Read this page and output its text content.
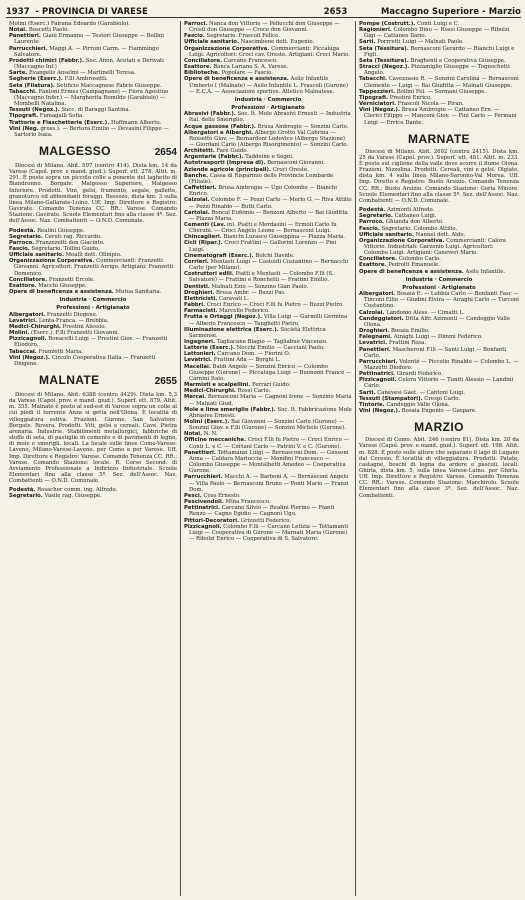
1937 - PROVINCIA DI VARESE	2653	Maccagno Superiore - Marzio

Molini (Eserc.) Fairana Edoardo (Garabiolo).

Notai. Boscetti Paolo.

Panettieri. Giani Ermanno — Testori Giuseppe — Bollini Laurento

Parrucchieri. Maggi A. — Pirroni Carm. — Fiammingo Salvatore.

Prodotti chimici (Fabbr.). Soc. Anon. Acetati e Derivati (Maccagno Inf.)

Sarte. Evangelis Anselmi — Martinelli Teresa.

Segherie (Eserc.). F.lli Ambrosetti.

Seta (Filatura). Setificio Maccagnese Fabris Giuseppe.

Tabacchi. Fantoni Ermes (Campagnano) — Fiora Agostino (Maccagno Infer.) — Margherita Romildo (Garabiolo) — Mombelli Natalina.

Tessuti (Negoz.). Succ. di Baraggi Santina.

Tipografi. Fumagalli Sofia.

Trattorie e Fiaschetterie (Eserc.). Hoffmann Alberto.

Vini (Neg. gross.). — Bertora Emilio — Devasini Filippo — Sartorio Isaia.

MALGESSO	2654

Diocesi di Milano. Abit. 597 (centro 414). Dista km. 14 da Varese (Capol. prov. e mand. giud.). Superf. ett. 278. Altit. m. 291. È posto sopra un piccolo colle a ponente del laghetto di Biandronno. Borgate. Malgesso Superiore, Malgesso Inferiore. Prodotti. Vini, gelsi, frumento, segale, gallette, granoturco ed abbondanti foraggi. Bessozo, dista km. 3 sulla linea Milano-Gallarate-Luino. Uff. Imp. Direttore e Registro: Gavirate. Comando Tenenza CC. RR.: Varese. Comando Stazione: Gavirate. Scuole Elementari fino alla classe 4ª. Sez. dell'Assoc. Naz. Combattenti — O.N.D. Comunale.

Podestà. Realini Giuseppe.

Segretario. Ceruti rag. Riccardo.

Parroco. Franzezetti don Giacinto.

Fascio. Segretario. Tollini Guido.

Ufficiale sanitario. Moalli dott. Olimpio.

Organizzazione Corporativa. Commercianti: Franzetti Giovanni. Agricoltori: Franzetti Arrigo. Artigiani: Franzetti Domenico.

Conciliatore. Franzetti Ercole.

Esattore. Macchi Giuseppe.

Opere di beneficenza e assistenza. Mutua Sanitaria.

Industria · Commercio

Professioni · Artigianato

Albergatori. Franzetti Diogene.

Levatrici. Lenta Franca. — Brebbia.

Medici-Chirurghi. Prestini Alessio.

Molini. (Eserc.). F.lli Franzetti Giovanni.

Pizzicagnoli. Bonacelli Luigi — Prestini Giov. — Franzetti Eliodoro.

Tabaccai. Franzetti Maria.

Vini (Negoz.). Circolo Cooperativa Italia — Franzetti Diogene.

MALNATE	2655

Diocesi di Milano. Abit. 6388 (centro 4429). Dista km. 5,3 da Varese (Capol. prov. e mand. giud.). Superf. ett. 879. Altit. m. 355. Malnate è posto al sud-est di Varese sopra un colle al cui piedi il torrente Anza si getta nell'Olona. È località di villeggiatura estiva. Frazioni. Gurone, San Salvatore. Borgate. Rovera. Prodotti. Viti, gelsi e cereali. Cave. Pietra arenaria. Industrie. Stabilimenti metallurgici, fabbriche di stoffe di seta, di pastiglie in cemento e di pavimenti di legno, di mole e smerigli. locali. La locale sulle linee Como-Varese-Laveno, Milano-Varese-Laveno. per Como e per Varese. Uff. Imp. Direttore e Registro: Varese. Comando Tenenza CC. RR.: Varese. Comando Stazione: locale. R. Corso Second. di Avviamento Professionale a Indirizzo Industriale. Scuole Elementari fino alla classe 5ª. Sez. dell'Assoc. Naz. Combattenti — O.N.D. Comunale.

Podestà. Rosacher comm. ing. Alfredo.

Segretario. Vasile rag. Giuseppe.

Parroci. Nanca don Vittorio — Pellucchi don Giuseppe — Crosti don Giuseppe — Croce don Giovanni.

Fascio. Segretario. Frascoli Felice.

Ufficiale sanitario. Nascimbene dott. Eugenio.

Organizzazione Corporativa. Commercianti: Piccaluga Luigi. Agricoltori: Croci cav. Oreste. Artigiani: Croci Mario.

Conciliatore. Carcano Francesco.

Esattore. Banca Lariano S. A. Varese.

Biblioteche. Popolare — Fascio.

Opere di beneficenza e assistenza. Asilo Infantile Umberto I (Malnate) — Asilo Infantile L. Frascoli (Gurone) — E.C.A. — Associazioni sportive. Atletico Malnatese.

Industria · Commercio

Professioni · Artigianato

Abrasivi (Fabbr.). Soc. It. Mole Abrasivi Ernesti — Industria Ital. dello Smeriglio.

Acque gassose (Fabbr.). Brusa Ambrogio — Sonzini Carlo.

Albergatori e Alberghi. Albergo Grotto Val Cabrina — Rossetto Giov. — Bernardoni Lodovico (Albergo Stazione) — Giordani Carlo (Albergo Risorgimento) — Sonzini Carlo.

Architetti. Farè Guido.

Argenterie (Fabbr.). Taddeine e Sogni.

Autotrasporti (Impresa di). Bernasconi Giovanni.

Aziende agricole (principali). Croci Oreste.

Banche. Cassa di Risparmio delle Provincie Lombarde (Filiale).

Caffettieri. Brusa Ambrogio — Ugo Colombo — Bianchi Enrico.

Calzolai. Colombo F. — Pozzi Carlo — Merlo G. — Riva Attilio — Pozzi Rinaldo — Butti Carlo.

Cartolai. Roncal Eufemio — Benzoni Alberto — Bai Giuditta — Piazza Maria.

Cementi (Lav. in). Piatti e Mordasini — Ermoli Carlo fu Cherubi. — Croci Angelo Leone — Bernasconi Luigi.

Chincaglieri. Bianchi Lurasco Giuseppina — Piazza Maria.

Cicli (Ripar.). Croci Frattini — Gallorini Lorenzo — Pini Luigi.

Cinematografi (Eserc.). Bolchi Davide.

Corrieri. Mentasti Luigi — Castoldi Costantino — Bernacchi Carlo (per Milano).

Costruttori edili. Piatti e Mentasti — Colombo F.lli (S. Salvatore) — Frattini e Ronchetti — Frattini Emilio.

Dentisti. Malnati Ezio — Sonzino Gian Paolo.

Droghieri. Brusa Ambr. — Buzzi Pas.

Elettricisti. Caravati L.

Fabbri. Croci Enrico — Croci F.lli fu Pietro — Buzzi Pietro.

Farmacisti. Marcello Federico.

Frutta e Ortaggi (Negoz.). Villa Luigi — Garmilli Germina — Alberio Francesco — Tanghetti Pietro.

Illuminazione elettrica (Eserc.). Società Elettrica Sarmense.

Ingegneri. Tagliacane Biagio — Tagliabue Vincenzo.

Latterie (Eserc.). Nocchi Emilio — Cacciani Paolo.

Lattonieri. Carcano Dom. — Fiorini O.

Levatrici. Frattini Ada — Borghi L.

Macellai. Baldi Angelo — Sonzini Enrico — Colombo Giuseppe (Gurone) — Piccaluga Luigi — Buonomi Franco — Carnini Italo.

Marmisti e scalpellini. Ferrari Guido.

Medici-Chirurghi. Rossi Carlo.

Mercai. Bernasconi Maria — Cagnoni Irene — Sonzino Maria — Malnati Giud.

Mole e lime smeriglio (Fabbr.). Soc. It. Fabbricazione Mole Abrasive Ernesti.

Molini (Eserc.). Bai Giovanni — Sonzini Carlo (Gurone) — Sonzini Giov. e F.lli (Gurone) — Sonzini Michele (Gurone).

Notai. N. N.

Officine meccaniche. Croci F.lli fu Pietro — Croci Enrico — Conti L. e C. — Cortani Carlo — Patrini V. e C. (Gurone).

Panettieri. Tettamanzi Luigi — Bernasconi Dom. — Gussoni Anna — Caldara Mariuccia — Mondini Francesco — Colombo Giuseppe — Montalbetti Amedeo — Cooperativa Gurone.

Parrucchieri. Macchi A. — Barboni A. — Bernasconi Angelo — Villa Paolo — Bernasconi Bruno — Ponti Mario — Franzi Dom.

Pesci. Coss Ernesto.

Pescivendoli. Mina Francesco.

Pettinatrici. Carcano Silvio — Realini Pierino — Pianti Renzo — Cagno Egidio — Cagnoni Ugo.

Pittori-Decoratori. Grizzetti Federico.

Pizzicagnoli. Colombo F.lli — Carcano Letizia — Tettamanti Luigi — Cooperativa di Gurone — Marnati Maria (Gurone) — Ribolzi Enrico — Cooperativa di S. Salvatore.

Pompe (Costrutt.). Conti Luigi e C.

Ragionieri. Colombo Dino — Rossi Giuseppe — Ribolzi Gigi — Cattaneo Ilario.

Sarti. Porrretti Luigi — Malnati Paolo.

Seta (Tessitura). Bernasconi Gerardo — Bianchi Luigi e Figli.

Seta (Tessitura). Braghenti e Cooperativa Giuseppe.

Stracci (Negoz.). Pizzamiglio Giuseppe — Tognochetti Angelo.

Tabacchi. Cavezzasio R. — Sonzini Carolina — Bernasconi Clemente — Luigi — Bai Giuditta — Malnati Giuseppe.

Tappezzieri. Bollini Fel. — Sormani Giuseppe.

Tipografi. Prestini Enrico.

Verniciatori. Frascoli Nicola — Piran.

Vini (Negoz.). Brusa Ambrogio — Cattaneo Ern. — Clerici Filippo — Manconi Giov. — Pini Carlo — Fermani Luigi — Errico Dante.

MARNATE

Diocesi di Milano. Abit. 2692 (centro 2415). Dista km. 25 da Varese (Capol. prov.). Superf. ett. 481. Altit. m. 233. È posto sul ciglione della valle dove scorre il fiume Olona. Frazioni. Nizzolina. Prodotti. Cereali, vini e gelsi. Olgiate, dista km. 4 sulla linea Milano-Saronno-Val Morea. Uff. Imp. Diretto e Registro: Busto Arsizio. Comando Tenenza CC. RR.: Busto Arsizio. Comando Stazione: Gorla Minore. Scuole Elementari fino alla classe 5ª. Sez. dell'Assoc. Naz. Combattenti — O.N.D. Comunale.

Podestà. Azimonti Alfredo.

Segretario. Cattaneo Luigi.

Parroco. Ghianda don Alberto.

Fascio. Segretario. Colombo Attilio.

Ufficiale sanitario. Nannei dott. Aldo.

Organizzazione Corporativa. Commercianti: Calora Vittorio. Industriali: Garzonio Luigi. Agricoltori: Colombo Luigi. Artigiani: Caneveri Mario.

Conciliatore. Colombo Carlo.

Esattore. Pedrolti Emanuele.

Opere di beneficenza e assistenza. Asilo Infantile.

Industria · Commercio

Professioni · Artigianato

Albergatori. Bosaia E. — Lobbia Carlo — Bonfanti Fasc — Tinconi Ellio — Giudini Elvira — Airaghi Carlo — Turconi Costantino.

Calzolai. Landonio Aless. — Cimatti L.

Candeggiatori. Ditta Alfr. Azimonti — Candeggio Valle Olona.

Droghieri. Bosaia Emilio.

Falegnami. Airaghi Luigi — Dimmi Federico.

Levatrici. Frattini Rosa.

Panettieri. Mascheroni F.lli — Santi Luigi — Bonfanti Carlo.

Parrucchieri. Volonté — Piccolio Rinaldo — Colombo L. — Mazzetti Diodoro.

Pettinatrici. Girardi Federico.

Pizzicagnoli. Celora Vittorio — Tuniti Alessio — Landini Carlo.

Sarti. Canevesi Gaet. — Cantoni Luigi.

Tessuti (Stampatori). Crespi Carlo.

Tintorie. Candeggio Valle Olona.

Vini (Negoz.). Bosaia Eugenio — Gaspare.

MARZIO

Diocesi di Como. Abit. 246 (centro 81). Dista km. 20 da Varese (Capol. prov. e mand. giud.). Superf. ett. 198. Altit. m. 828. È posto sulle alture che separano il lago di Lugano dal Ceresio. È località di villeggiatura. Prodotti. Patate, castagne, boschi di legna da ardere e pascoli. locali. Ghirla, dista km. 5, sulla linea Varese-Luino. per Ghirla. Uff. Imp. Direttore e Registro: Varese. Comando Tenenza CC. RR.: Varese. Comando Stazione: Marchirolo. Scuole Elementari fino alla classe 3ª. Sez. dell'Assoc. Naz. Combattenti.
